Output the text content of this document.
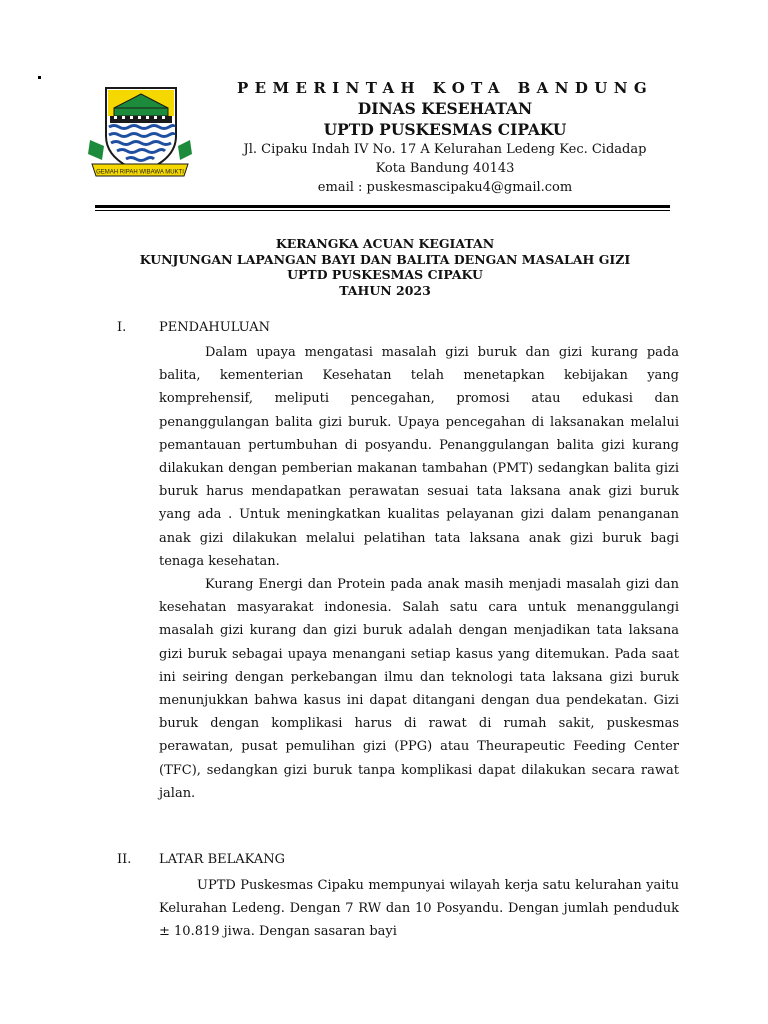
GEMAH RIPAH WIBAWA MUKTI
PEMERINTAH KOTA BANDUNG
DINAS KESEHATAN
UPTD PUSKESMAS CIPAKU
Jl. Cipaku Indah IV No. 17 A Kelurahan Ledeng Kec. Cidadap
Kota Bandung 40143
email : puskesmascipaku4@gmail.com
KERANGKA ACUAN KEGIATAN
KUNJUNGAN LAPANGAN BAYI DAN BALITA DENGAN MASALAH GIZI
UPTD PUSKESMAS CIPAKU
TAHUN 2023
I.	PENDAHULUAN

Dalam upaya mengatasi masalah gizi buruk dan gizi kurang pada balita, kementerian Kesehatan telah menetapkan kebijakan yang komprehensif, meliputi pencegahan, promosi atau edukasi dan penanggulangan balita gizi buruk. Upaya pencegahan di laksanakan melalui pemantauan pertumbuhan di posyandu. Penanggulangan balita gizi kurang dilakukan dengan pemberian makanan tambahan (PMT) sedangkan balita gizi buruk harus mendapatkan perawatan sesuai tata laksana anak gizi buruk yang ada . Untuk meningkatkan kualitas pelayanan gizi dalam penanganan anak gizi dilakukan melalui pelatihan tata laksana anak gizi buruk bagi tenaga kesehatan.

Kurang Energi dan Protein pada anak masih menjadi masalah gizi dan kesehatan masyarakat indonesia. Salah satu cara untuk menanggulangi masalah gizi kurang dan gizi buruk adalah dengan menjadikan tata laksana gizi buruk sebagai upaya menangani setiap kasus yang ditemukan. Pada saat ini seiring dengan perkebangan ilmu dan teknologi tata laksana gizi buruk menunjukkan bahwa kasus ini dapat ditangani dengan dua pendekatan. Gizi buruk dengan komplikasi harus di rawat di rumah sakit, puskesmas perawatan, pusat pemulihan gizi (PPG) atau Theurapeutic Feeding Center (TFC), sedangkan gizi buruk tanpa komplikasi dapat dilakukan secara rawat jalan.

II. LATAR BELAKANG

UPTD Puskesmas Cipaku mempunyai wilayah kerja satu kelurahan yaitu Kelurahan Ledeng. Dengan 7 RW dan 10 Posyandu. Dengan jumlah penduduk ± 10.819 jiwa. Dengan sasaran bayi
